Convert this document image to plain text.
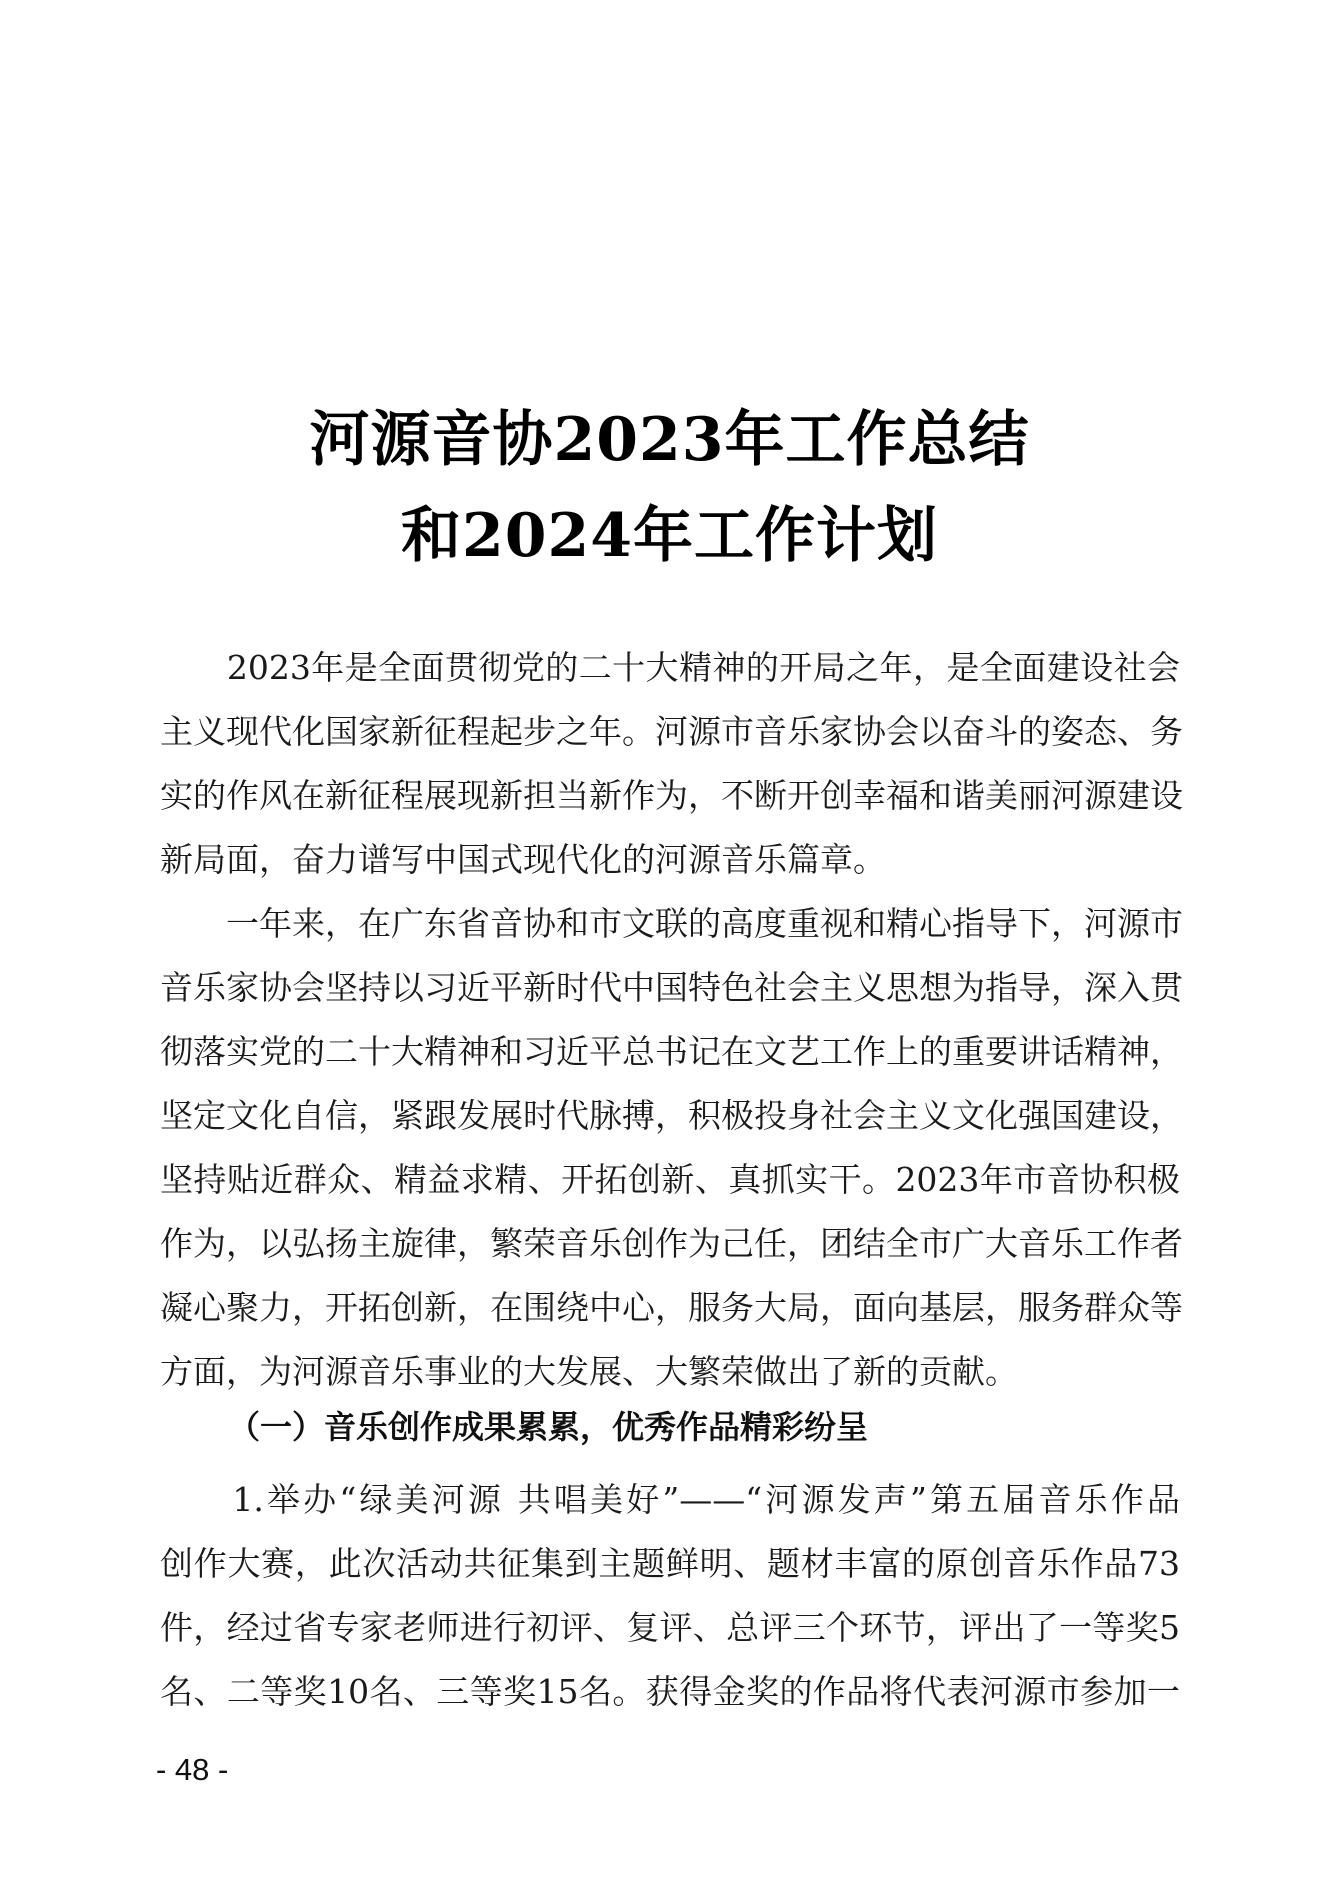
河源音协2023年工作总结
和2024年工作计划
　　2023年是全面贯彻党的二十大精神的开局之年，是全面建设社会
主义现代化国家新征程起步之年。河源市音乐家协会以奋斗的姿态、务
实的作风在新征程展现新担当新作为，不断开创幸福和谐美丽河源建设
新局面，奋力谱写中国式现代化的河源音乐篇章。
　　一年来，在广东省音协和市文联的高度重视和精心指导下，河源市
音乐家协会坚持以习近平新时代中国特色社会主义思想为指导，深入贯
彻落实党的二十大精神和习近平总书记在文艺工作上的重要讲话精神，
坚定文化自信，紧跟发展时代脉搏，积极投身社会主义文化强国建设，
坚持贴近群众、精益求精、开拓创新、真抓实干。2023年市音协积极
作为，以弘扬主旋律，繁荣音乐创作为己任，团结全市广大音乐工作者
凝心聚力，开拓创新，在围绕中心，服务大局，面向基层，服务群众等
方面，为河源音乐事业的大发展、大繁荣做出了新的贡献。
（一）音乐创作成果累累，优秀作品精彩纷呈
　　1.举办“绿美河源 共唱美好”——“河源发声”第五届音乐作品
创作大赛，此次活动共征集到主题鲜明、题材丰富的原创音乐作品73
件，经过省专家老师进行初评、复评、总评三个环节，评出了一等奖5
名、二等奖10名、三等奖15名。获得金奖的作品将代表河源市参加一
- 48 -
